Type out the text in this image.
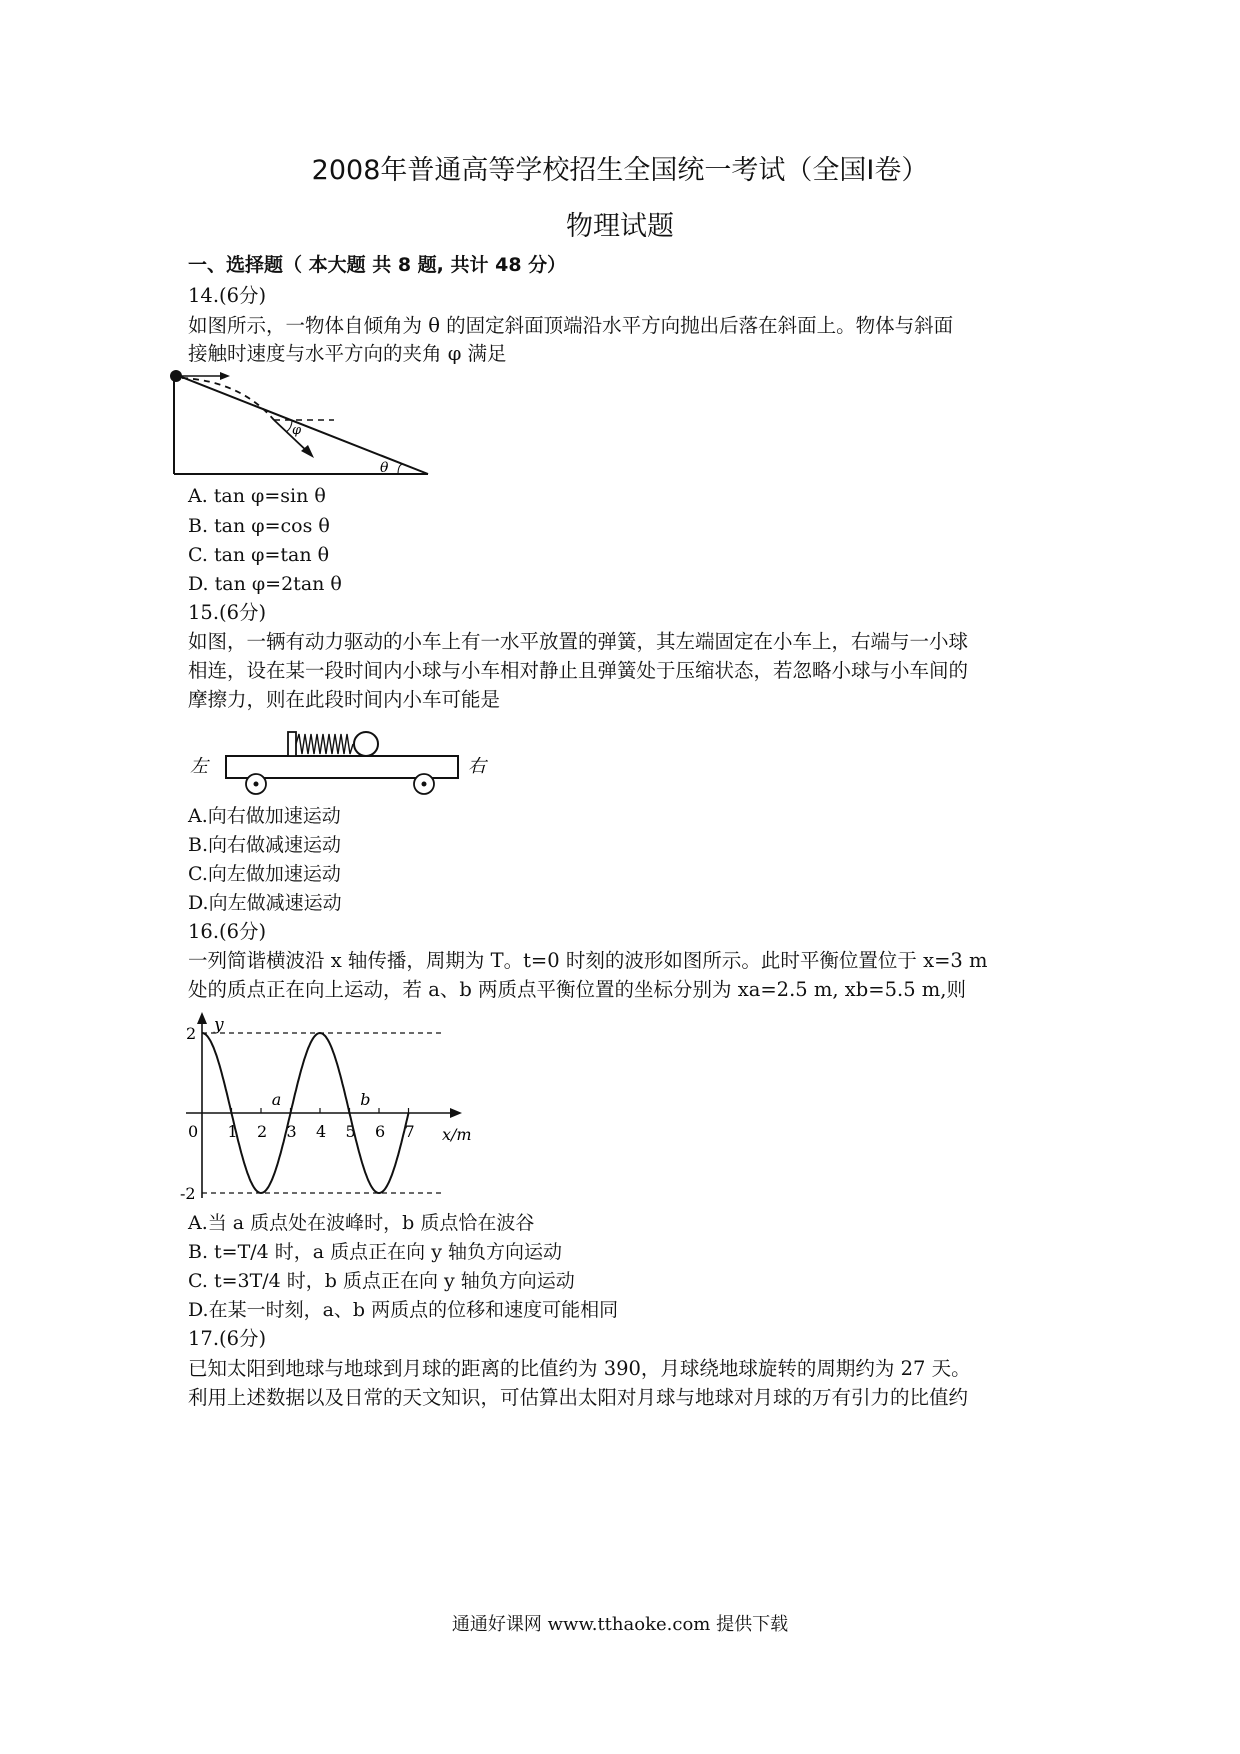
2008年普通高等学校招生全国统一考试（全国Ⅰ卷）
物理试题
一、选择题（ 本大题 共 8 题, 共计 48 分）
14.(6分)
如图所示，一物体自倾角为 θ 的固定斜面顶端沿水平方向抛出后落在斜面上。物体与斜面
接触时速度与水平方向的夹角 φ 满足
φ
θ
A. tan φ=sin θ
B. tan φ=cos θ
C. tan φ=tan θ
D. tan φ=2tan θ
15.(6分)
如图，一辆有动力驱动的小车上有一水平放置的弹簧，其左端固定在小车上，右端与一小球
相连，设在某一段时间内小球与小车相对静止且弹簧处于压缩状态，若忽略小球与小车间的
摩擦力，则在此段时间内小车可能是
左	右
A.向右做加速运动
B.向右做减速运动
C.向左做加速运动
D.向左做减速运动
16.(6分)
一列简谐横波沿 x 轴传播，周期为 T。t=0 时刻的波形如图所示。此时平衡位置位于 x=3 m
处的质点正在向上运动，若 a、b 两质点平衡位置的坐标分别为 xa=2.5 m, xb=5.5 m,则
y
x/m
0 1 2 3 4 5 6 7
2
-2
a	b
A.当 a 质点处在波峰时，b 质点恰在波谷
B. t=T/4 时，a 质点正在向 y 轴负方向运动
C. t=3T/4 时，b 质点正在向 y 轴负方向运动
D.在某一时刻，a、b 两质点的位移和速度可能相同
17.(6分)
已知太阳到地球与地球到月球的距离的比值约为 390，月球绕地球旋转的周期约为 27 天。
利用上述数据以及日常的天文知识，可估算出太阳对月球与地球对月球的万有引力的比值约
通通好课网 www.tthaoke.com 提供下载
